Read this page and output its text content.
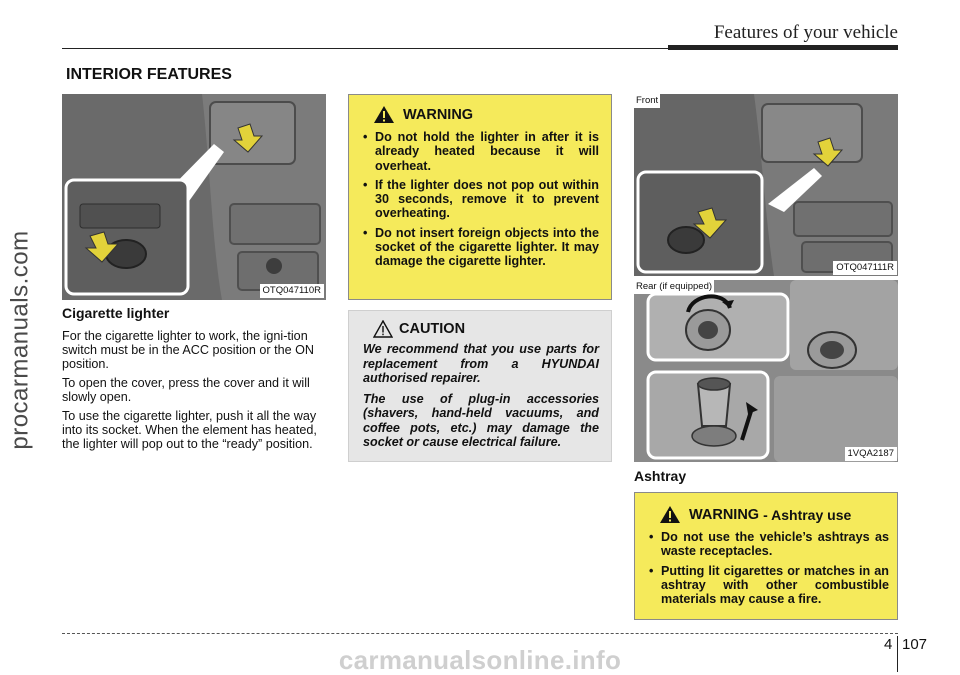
Features of your vehicle
INTERIOR FEATURES
procarmanuals.com	OTQ047110R
Cigarette lighter

For the cigarette lighter to work, the igni-tion switch must be in the ACC position or the ON position.

To open the cover, press the cover and it will slowly open.

To use the cigarette lighter, push it all the way into its socket. When the element has heated, the lighter will pop out to the “ready” position.

WARNING
• Do not hold the lighter in after it is already heated because it will overheat.
• If the lighter does not pop out within 30 seconds, remove it to prevent overheating.
• Do not insert foreign objects into the socket of the cigarette lighter. It may damage the cigarette lighter.
CAUTION

We recommend that you use parts for replacement from a HYUNDAI authorised repairer.

The use of plug-in accessories (shavers, hand-held vacuums, and coffee pots, etc.) may damage the socket or cause electrical failure.

Front
OTQ047111R
Rear (if equipped)
1VQA2187
Ashtray
WARNING - Ashtray use
• Do not use the vehicle’s ashtrays as waste receptacles.
• Putting lit cigarettes or matches in an ashtray with other combustible materials may cause a fire.
4 107
carmanualsonline.info
